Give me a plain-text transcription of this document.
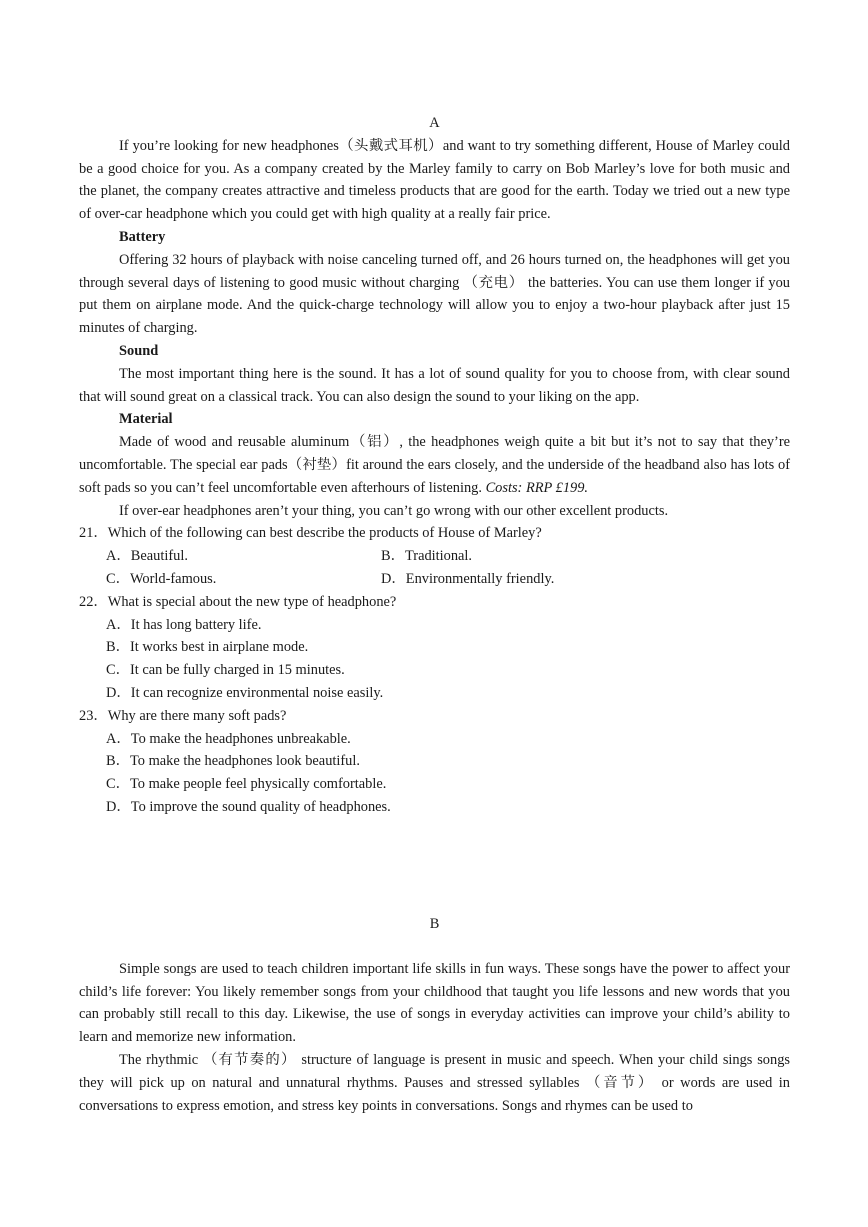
A

If you’re looking for new headphones（头戴式耳机）and want to try something different, House of Marley could be a good choice for you. As a company created by the Marley family to carry on Bob Marley’s love for both music and the planet, the company creates attractive and timeless products that are good for the earth. Today we tried out a new type of over-car headphone which you could get with high quality at a really fair price.

Battery

Offering 32 hours of playback with noise canceling turned off, and 26 hours turned on, the headphones will get you through several days of listening to good music without charging （充电） the batteries. You can use them longer if you put them on airplane mode. And the quick-charge technology will allow you to enjoy a two-hour playback after just 15 minutes of charging.

Sound

The most important thing here is the sound. It has a lot of sound quality for you to choose from, with clear sound that will sound great on a classical track. You can also design the sound to your liking on the app.

Material

Made of wood and reusable aluminum（铝）, the headphones weigh quite a bit but it’s not to say that they’re uncomfortable. The special ear pads（衬垫）fit around the ears closely, and the underside of the headband also has lots of soft pads so you can’t feel uncomfortable even afterhours of listening. Costs: RRP £199.

If over-ear headphones aren’t your thing, you can’t go wrong with our other excellent products.

21．Which of the following can best describe the products of House of Marley?
A．Beautiful.	B．Traditional.
C．World-famous.	D．Environmentally friendly.
22．What is special about the new type of headphone?
A．It has long battery life.
B．It works best in airplane mode.
C．It can be fully charged in 15 minutes.
D．It can recognize environmental noise easily.
23．Why are there many soft pads?
A．To make the headphones unbreakable.
B．To make the headphones look beautiful.
C．To make people feel physically comfortable.
D．To improve the sound quality of headphones.
B

Simple songs are used to teach children important life skills in fun ways. These songs have the power to affect your child’s life forever: You likely remember songs from your childhood that taught you life lessons and new words that you can probably still recall to this day. Likewise, the use of songs in everyday activities can improve your child’s ability to learn and memorize new information.

The rhythmic （有节奏的） structure of language is present in music and speech. When your child sings songs they will pick up on natural and unnatural rhythms. Pauses and stressed syllables （音节） or words are used in conversations to express emotion, and stress key points in conversations. Songs and rhymes can be used to
